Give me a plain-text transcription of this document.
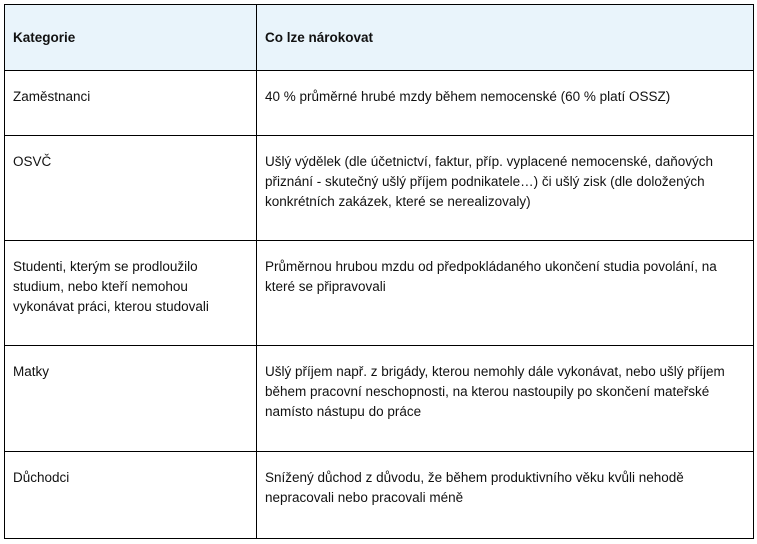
Kategorie	Co lze nárokovat

Zaměstnanci	40 % průměrné hrubé mzdy během nemocenské (60 % platí OSSZ)

OSVČ	Ušlý výdělek (dle účetnictví, faktur, příp. vyplacené nemocenské, daňových přiznání - skutečný ušlý příjem podnikatele…) či ušlý zisk (dle doložených konkrétních zakázek, které se nerealizovaly)

Studenti, kterým se prodloužilo studium, nebo kteří nemohou vykonávat práci, kterou studovali	Průměrnou hrubou mzdu od předpokládaného ukončení studia povolání, na které se připravovali

Matky	Ušlý příjem např. z brigády, kterou nemohly dále vykonávat, nebo ušlý příjem během pracovní neschopnosti, na kterou nastoupily po skončení mateřské namísto nástupu do práce

Důchodci	Snížený důchod z důvodu, že během produktivního věku kvůli nehodě nepracovali nebo pracovali méně
